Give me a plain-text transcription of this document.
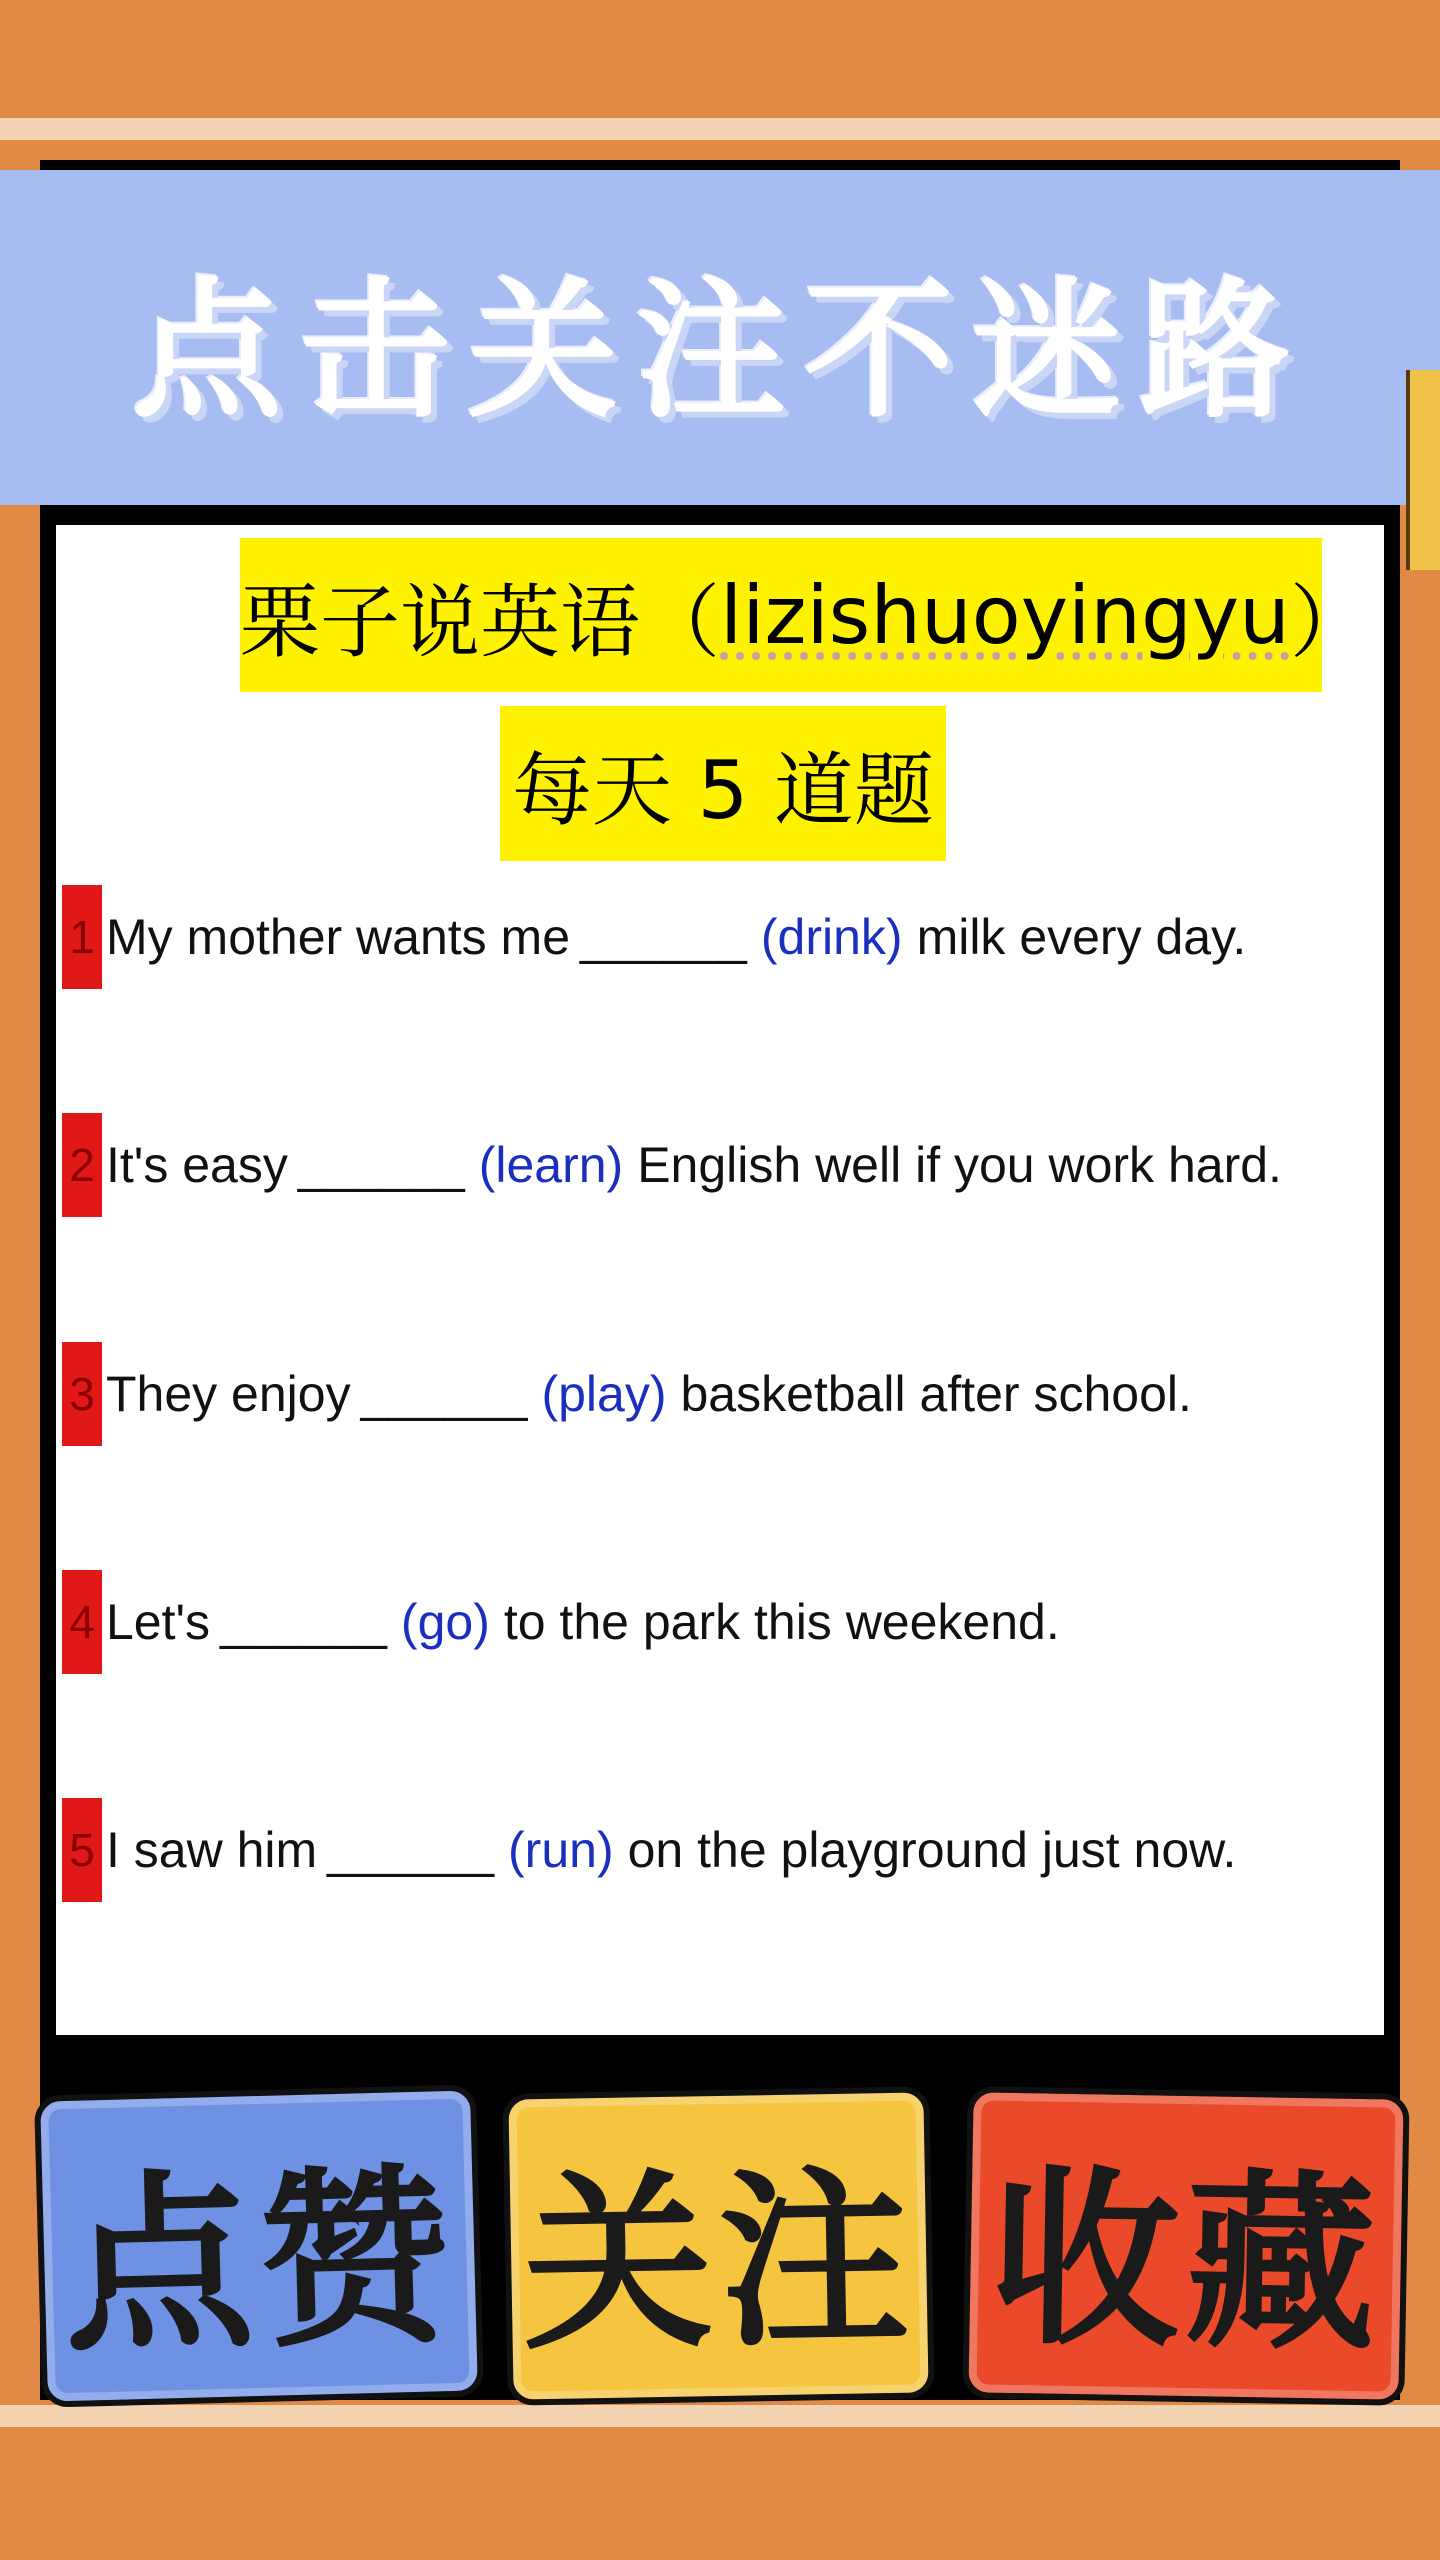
点击关注不迷路
栗子说英语（ lizishuoyingyu ）
每天 5 道题
1 My mother wants me ______ (drink) milk every day.
2 It's easy ______ (learn) English well if you work hard.
3 They enjoy ______ (play) basketball after school.
4 Let's ______ (go) to the park this weekend.
5 I saw him ______ (run) on the playground just now.
点赞 关注 收藏
